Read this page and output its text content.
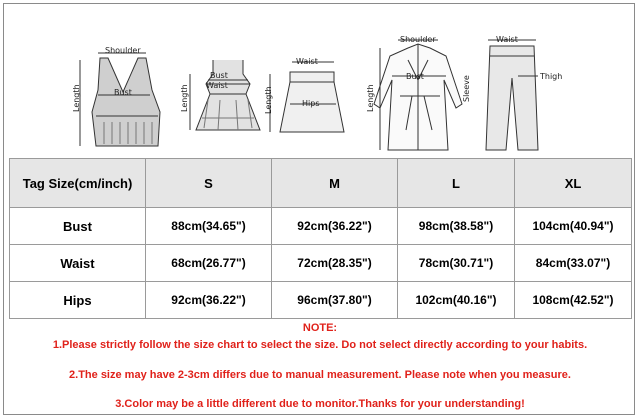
Shoulder
Bust
Length
Bust
Waist
Length
Waist
Hips
Length
Shoulder
Bust
Length	Sleeve
Waist
Thigh
Tag Size(cm/inch)	S	M	L	XL
Bust	88cm(34.65")	92cm(36.22")	98cm(38.58")	104cm(40.94")
Waist	68cm(26.77")	72cm(28.35")	78cm(30.71")	84cm(33.07")
Hips	92cm(36.22")	96cm(37.80")	102cm(40.16")	108cm(42.52")
NOTE:
1.Please strictly follow the size chart to select the size. Do not select directly according to your habits.
2.The size may have 2-3cm differs due to manual measurement. Please note when you measure.
3.Color may be a little different due to monitor.Thanks for your understanding!
